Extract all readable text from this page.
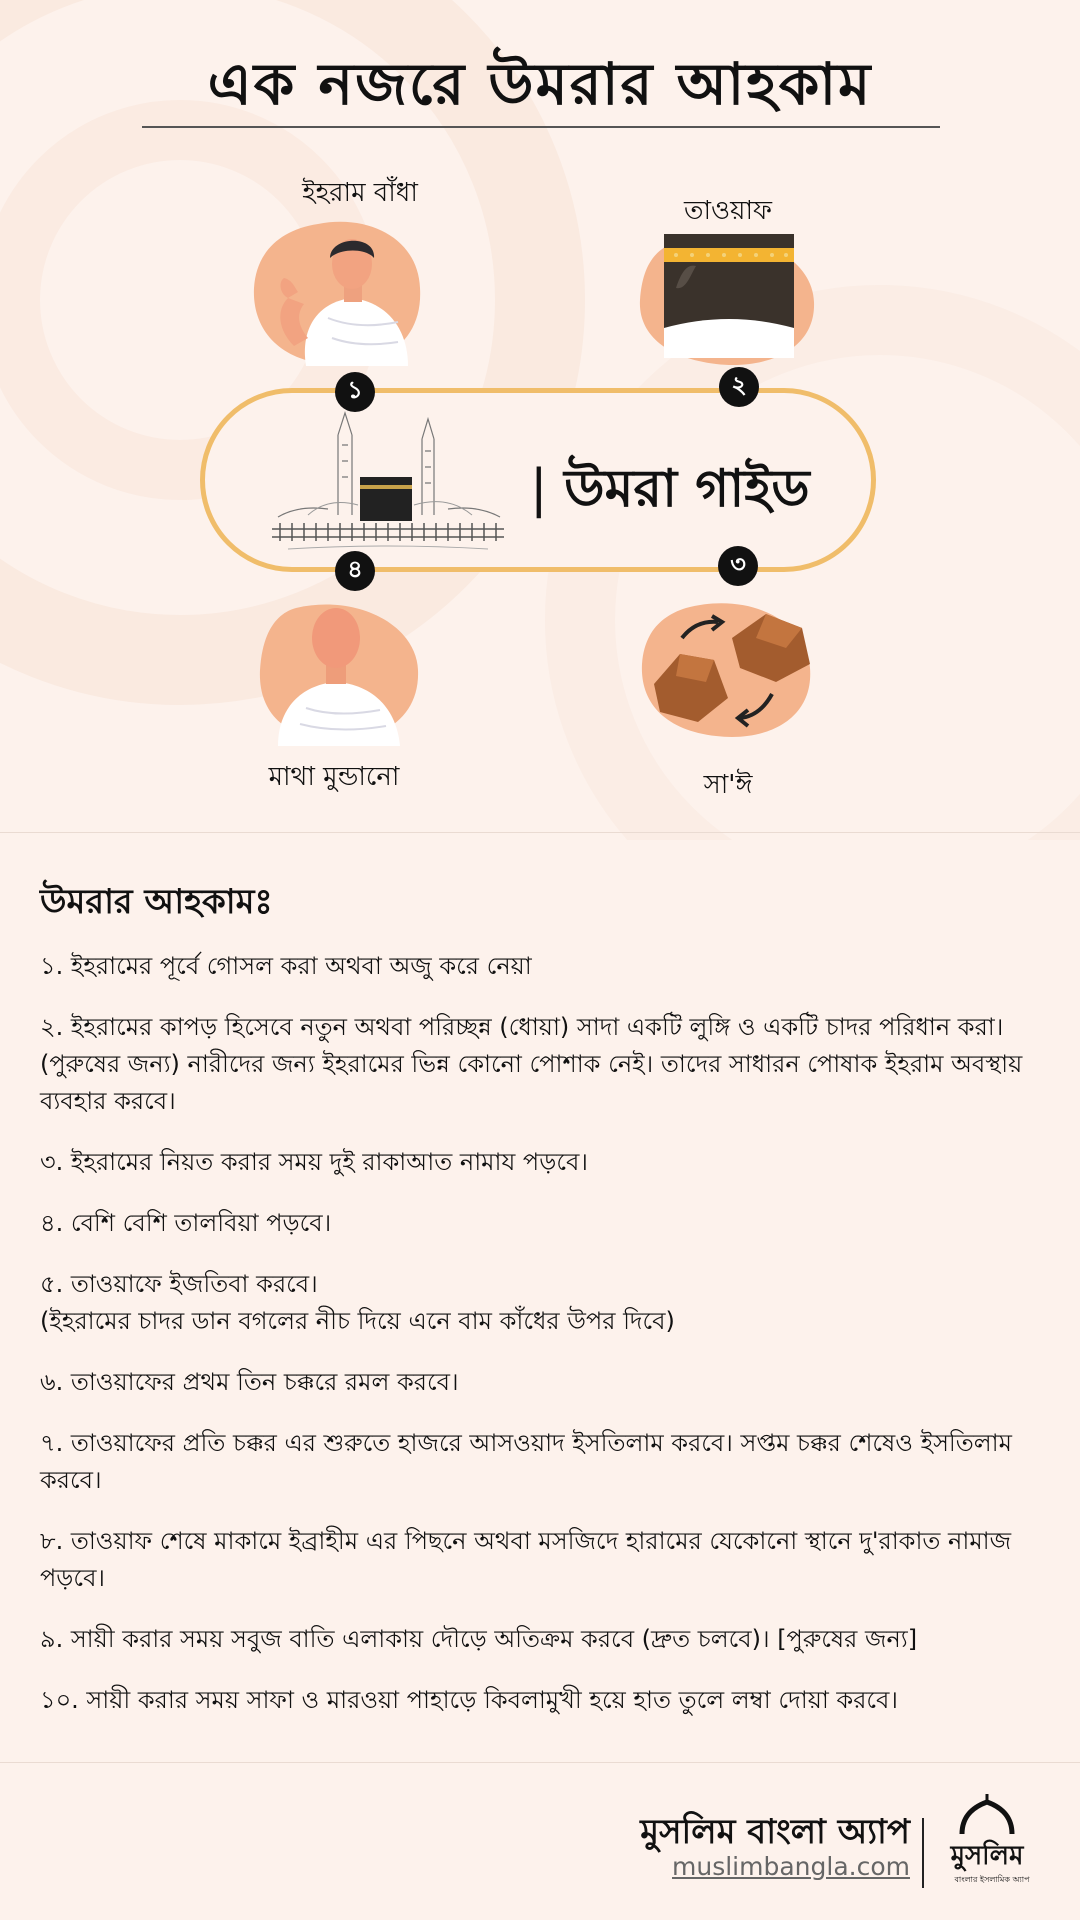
এক নজরে উমরার আহকাম
ইহরাম বাঁধা
১
তাওয়াফ
২
| উমরা গাইড
৩
সা'ঈ
৪
মাথা মুন্ডানো
উমরার আহকামঃ

১. ইহরামের পূর্বে গোসল করা অথবা অজু করে নেয়া

২. ইহরামের কাপড় হিসেবে নতুন অথবা পরিচ্ছন্ন (ধোয়া) সাদা একটি লুঙ্গি ও একটি চাদর পরিধান করা। (পুরুষের জন্য) নারীদের জন্য ইহরামের ভিন্ন কোনো পোশাক নেই। তাদের সাধারন পোষাক ইহরাম অবস্থায় ব্যবহার করবে।

৩. ইহরামের নিয়ত করার সময় দুই রাকাআত নামায পড়বে।

৪. বেশি বেশি তালবিয়া পড়বে।

৫. তাওয়াফে ইজতিবা করবে।
(ইহরামের চাদর ডান বগলের নীচ দিয়ে এনে বাম কাঁধের উপর দিবে)

৬. তাওয়াফের প্রথম তিন চক্করে রমল করবে।

৭. তাওয়াফের প্রতি চক্কর এর শুরুতে হাজরে আসওয়াদ ইসতিলাম করবে। সপ্তম চক্কর শেষেও ইসতিলাম করবে।

৮. তাওয়াফ শেষে মাকামে ইব্রাহীম এর পিছনে অথবা মসজিদে হারামের যেকোনো স্থানে দু'রাকাত নামাজ পড়বে।

৯. সায়ী করার সময় সবুজ বাতি এলাকায় দৌড়ে অতিক্রম করবে (দ্রুত চলবে)। [পুরুষের জন্য]

১০. সায়ী করার সময় সাফা ও মারওয়া পাহাড়ে কিবলামুখী হয়ে হাত তুলে লম্বা দোয়া করবে।

মুসলিম বাংলা অ্যাপ
muslimbangla.com মুসলিম
বাংলার ইসলামিক অ্যাপ
